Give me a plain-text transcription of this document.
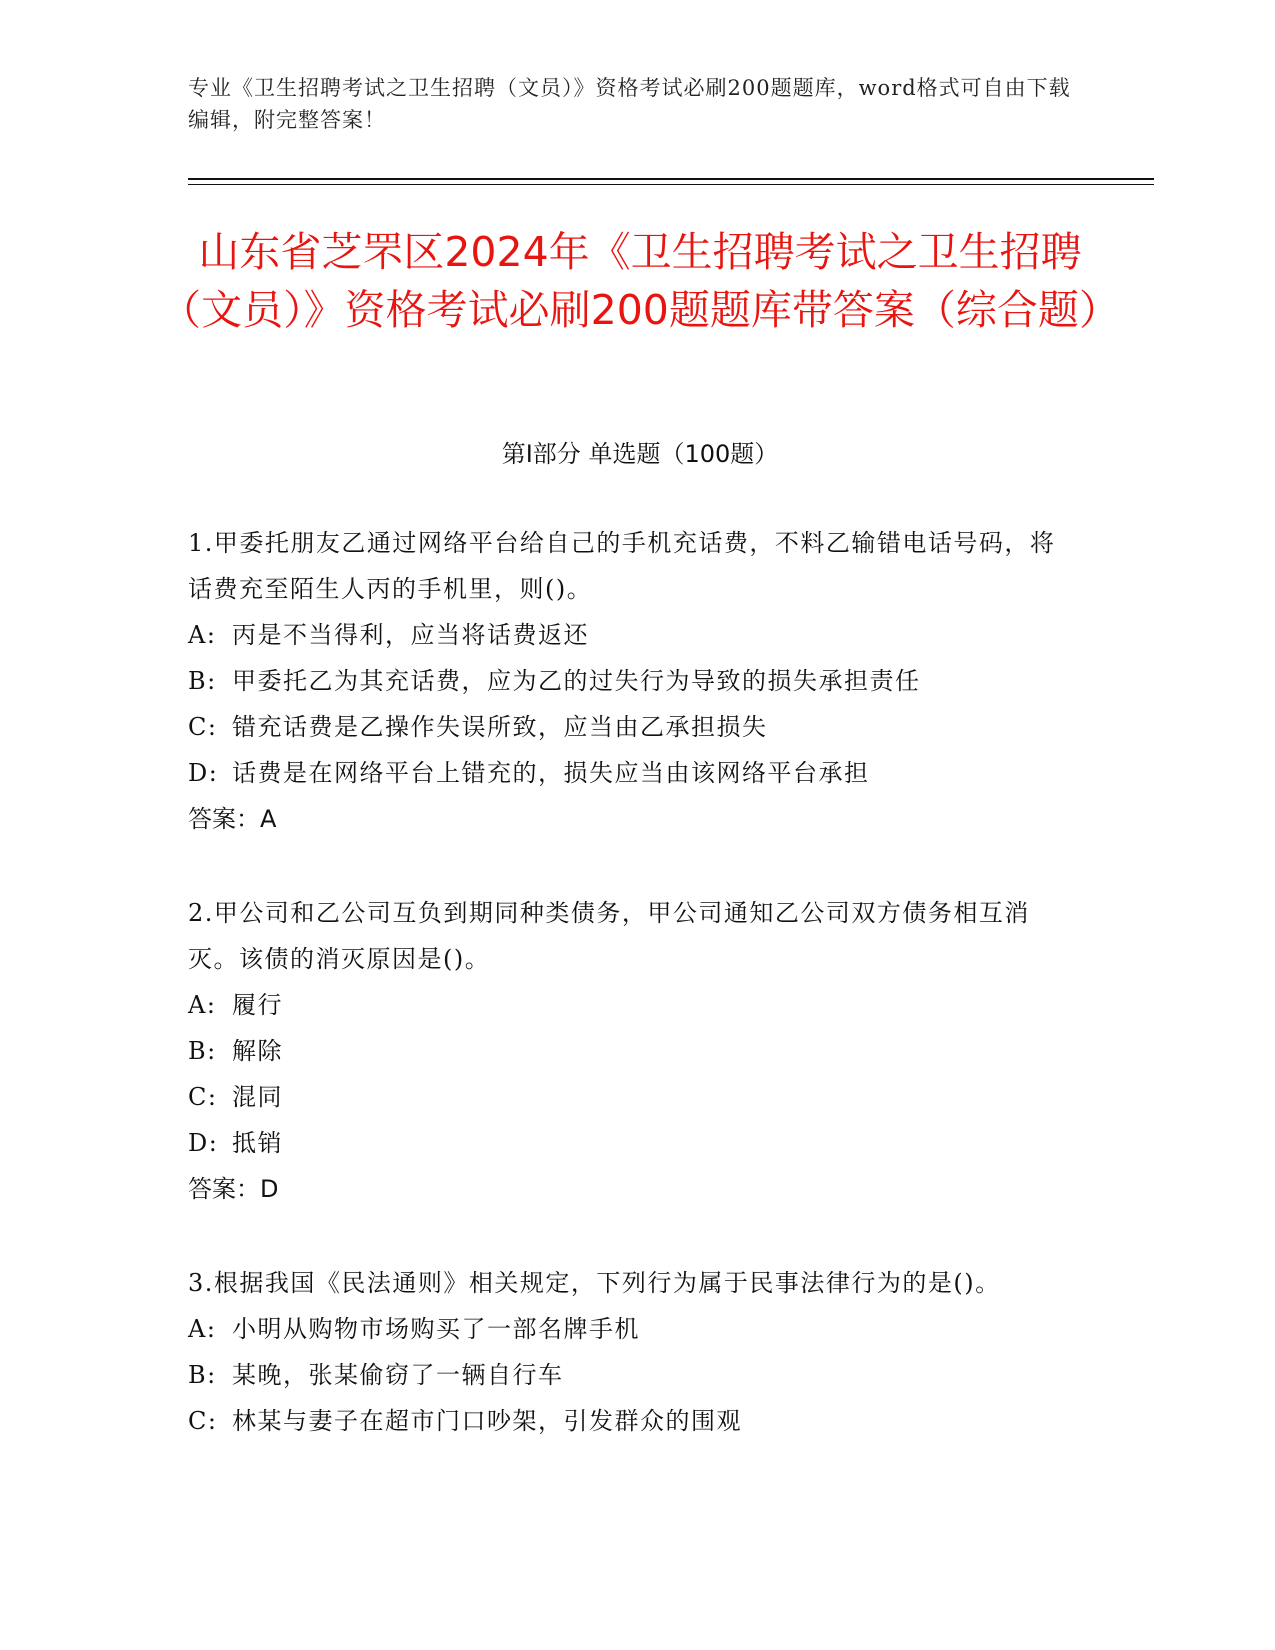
专业《卫生招聘考试之卫生招聘（文员）》资格考试必刷200题题库，word格式可自由下载编辑，附完整答案！
山东省芝罘区2024年《卫生招聘考试之卫生招聘（文员）》资格考试必刷200题题库带答案（综合题）
第I部分 单选题（100题）

1.甲委托朋友乙通过网络平台给自己的手机充话费，不料乙输错电话号码，将话费充至陌生人丙的手机里，则()。

A: 丙是不当得利，应当将话费返还

B: 甲委托乙为其充话费，应为乙的过失行为导致的损失承担责任

C: 错充话费是乙操作失误所致，应当由乙承担损失

D: 话费是在网络平台上错充的，损失应当由该网络平台承担

答案：A

2.甲公司和乙公司互负到期同种类债务，甲公司通知乙公司双方债务相互消灭。该债的消灭原因是()。

A: 履行

B: 解除

C: 混同

D: 抵销

答案：D

3.根据我国《民法通则》相关规定，下列行为属于民事法律行为的是()。

A: 小明从购物市场购买了一部名牌手机

B: 某晚，张某偷窃了一辆自行车

C: 林某与妻子在超市门口吵架，引发群众的围观
